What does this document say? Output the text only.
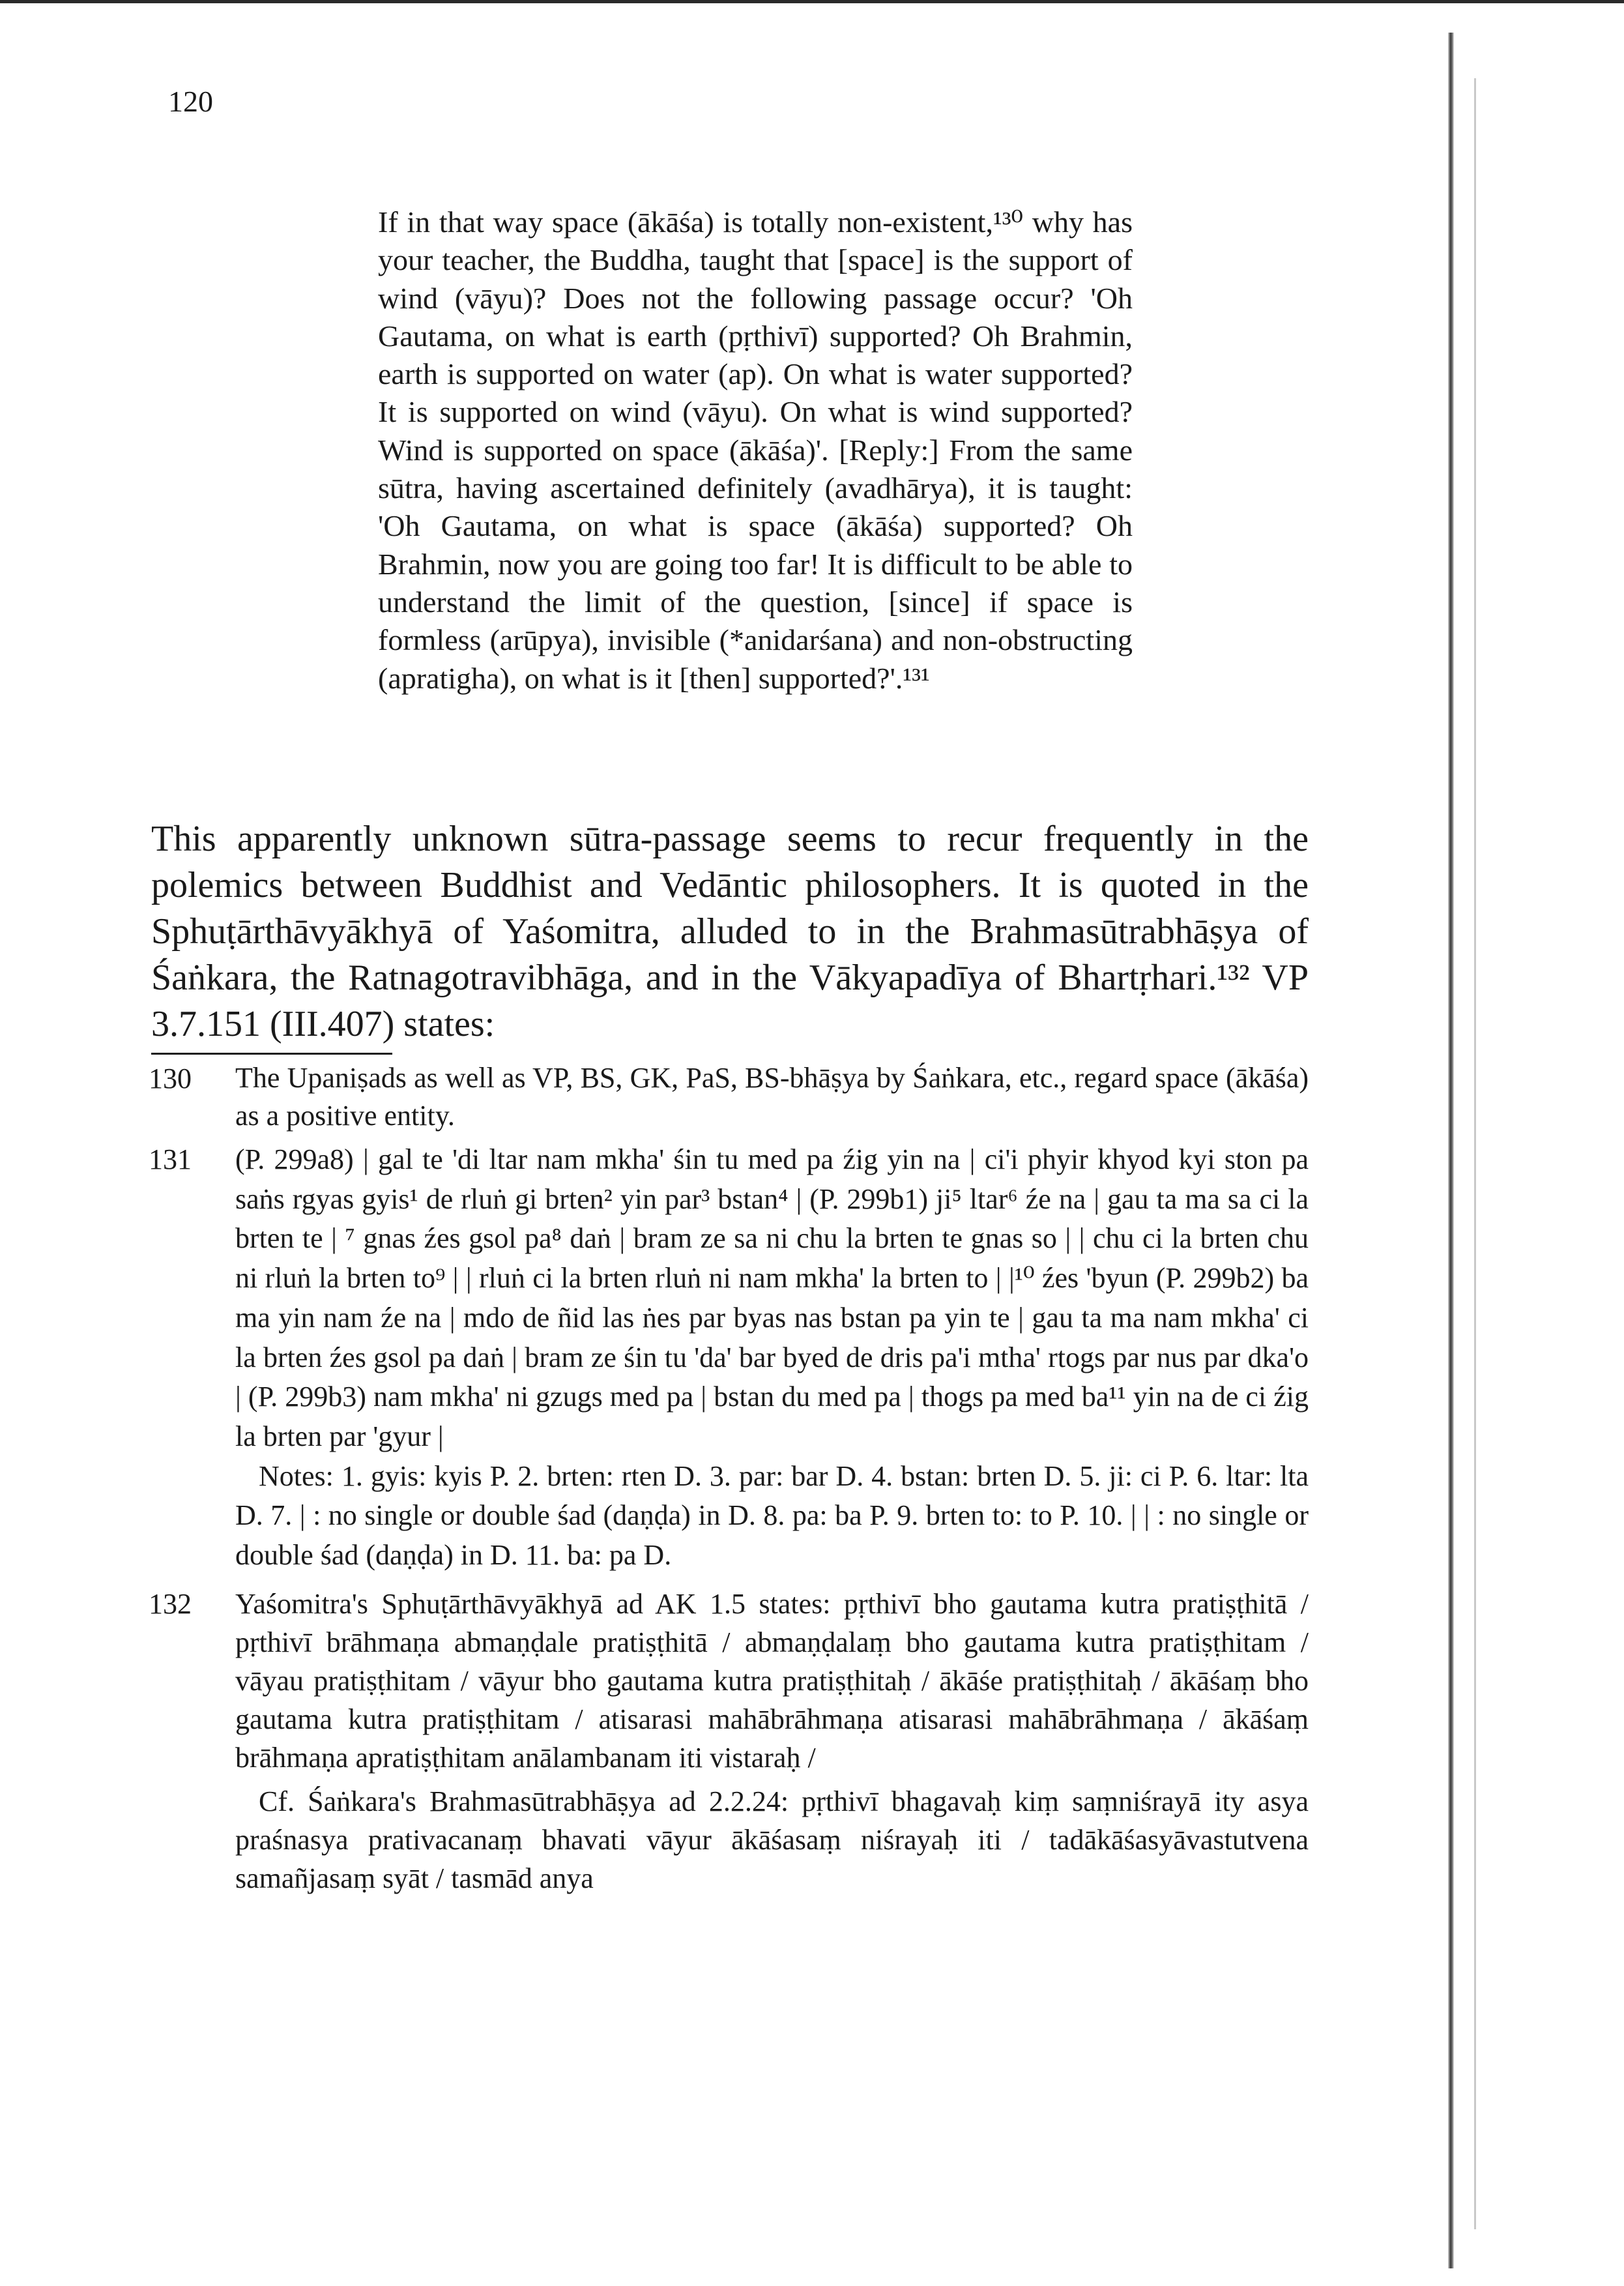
120

If in that way space (ākāśa) is totally non-existent,¹³⁰ why has your teacher, the Buddha, taught that [space] is the support of wind (vāyu)? Does not the following passage occur? 'Oh Gautama, on what is earth (pṛthivī) supported? Oh Brahmin, earth is supported on water (ap). On what is water supported? It is supported on wind (vāyu). On what is wind supported? Wind is supported on space (ākāśa)'. [Reply:] From the same sūtra, having ascertained definitely (avadhārya), it is taught: 'Oh Gautama, on what is space (ākāśa) supported? Oh Brahmin, now you are going too far! It is difficult to be able to understand the limit of the question, [since] if space is formless (arūpya), invisible (*anidarśana) and non-obstructing (apratigha), on what is it [then] supported?'.¹³¹

This apparently unknown sūtra-passage seems to recur frequently in the polemics between Buddhist and Vedāntic philosophers. It is quoted in the Sphuṭārthāvyākhyā of Yaśomitra, alluded to in the Brahmasūtrabhāṣya of Śaṅkara, the Ratnagotravibhāga, and in the Vākyapadīya of Bhartṛhari.¹³² VP 3.7.151 (III.407) states:

130	The Upaniṣads as well as VP, BS, GK, PaS, BS-bhāṣya by Śaṅkara, etc., regard space (ākāśa) as a positive entity.

131	(P. 299a8) | gal te 'di ltar nam mkha' śin tu med pa źig yin na | ci'i phyir khyod kyi ston pa saṅs rgyas gyis¹ de rluṅ gi brten² yin par³ bstan⁴ | (P. 299b1) ji⁵ ltar⁶ źe na | gau ta ma sa ci la brten te | ⁷ gnas źes gsol pa⁸ daṅ | bram ze sa ni chu la brten te gnas so | | chu ci la brten chu ni rluṅ la brten to⁹ | | rluṅ ci la brten rluṅ ni nam mkha' la brten to | |¹⁰ źes 'byun (P. 299b2) ba ma yin nam źe na | mdo de ñid las ṅes par byas nas bstan pa yin te | gau ta ma nam mkha' ci la brten źes gsol pa daṅ | bram ze śin tu 'da' bar byed de dris pa'i mtha' rtogs par nus par dka'o | (P. 299b3) nam mkha' ni gzugs med pa | bstan du med pa | thogs pa med ba¹¹ yin na de ci źig la brten par 'gyur |

Notes: 1. gyis: kyis P. 2. brten: rten D. 3. par: bar D. 4. bstan: brten D. 5. ji: ci P. 6. ltar: lta D. 7. | : no single or double śad (daṇḍa) in D. 8. pa: ba P. 9. brten to: to P. 10. | | : no single or double śad (daṇḍa) in D. 11. ba: pa D.

132	Yaśomitra's Sphuṭārthāvyākhyā ad AK 1.5 states: pṛthivī bho gautama kutra pratiṣṭhitā / pṛthivī brāhmaṇa abmaṇḍale pratiṣṭhitā / abmaṇḍalaṃ bho gautama kutra pratiṣṭhitam / vāyau pratiṣṭhitam / vāyur bho gautama kutra pratiṣṭhitaḥ / ākāśe pratiṣṭhitaḥ / ākāśaṃ bho gautama kutra pratiṣṭhitam / atisarasi mahābrāhmaṇa atisarasi mahābrāhmaṇa / ākāśaṃ brāhmaṇa apratiṣṭhitam anālambanam iti vistaraḥ /

Cf. Śaṅkara's Brahmasūtrabhāṣya ad 2.2.24: pṛthivī bhagavaḥ kiṃ saṃniśrayā ity asya praśnasya prativacanaṃ bhavati vāyur ākāśasaṃ niśrayaḥ iti / tadākāśasyāvastutvena samañjasaṃ syāt / tasmād anya
